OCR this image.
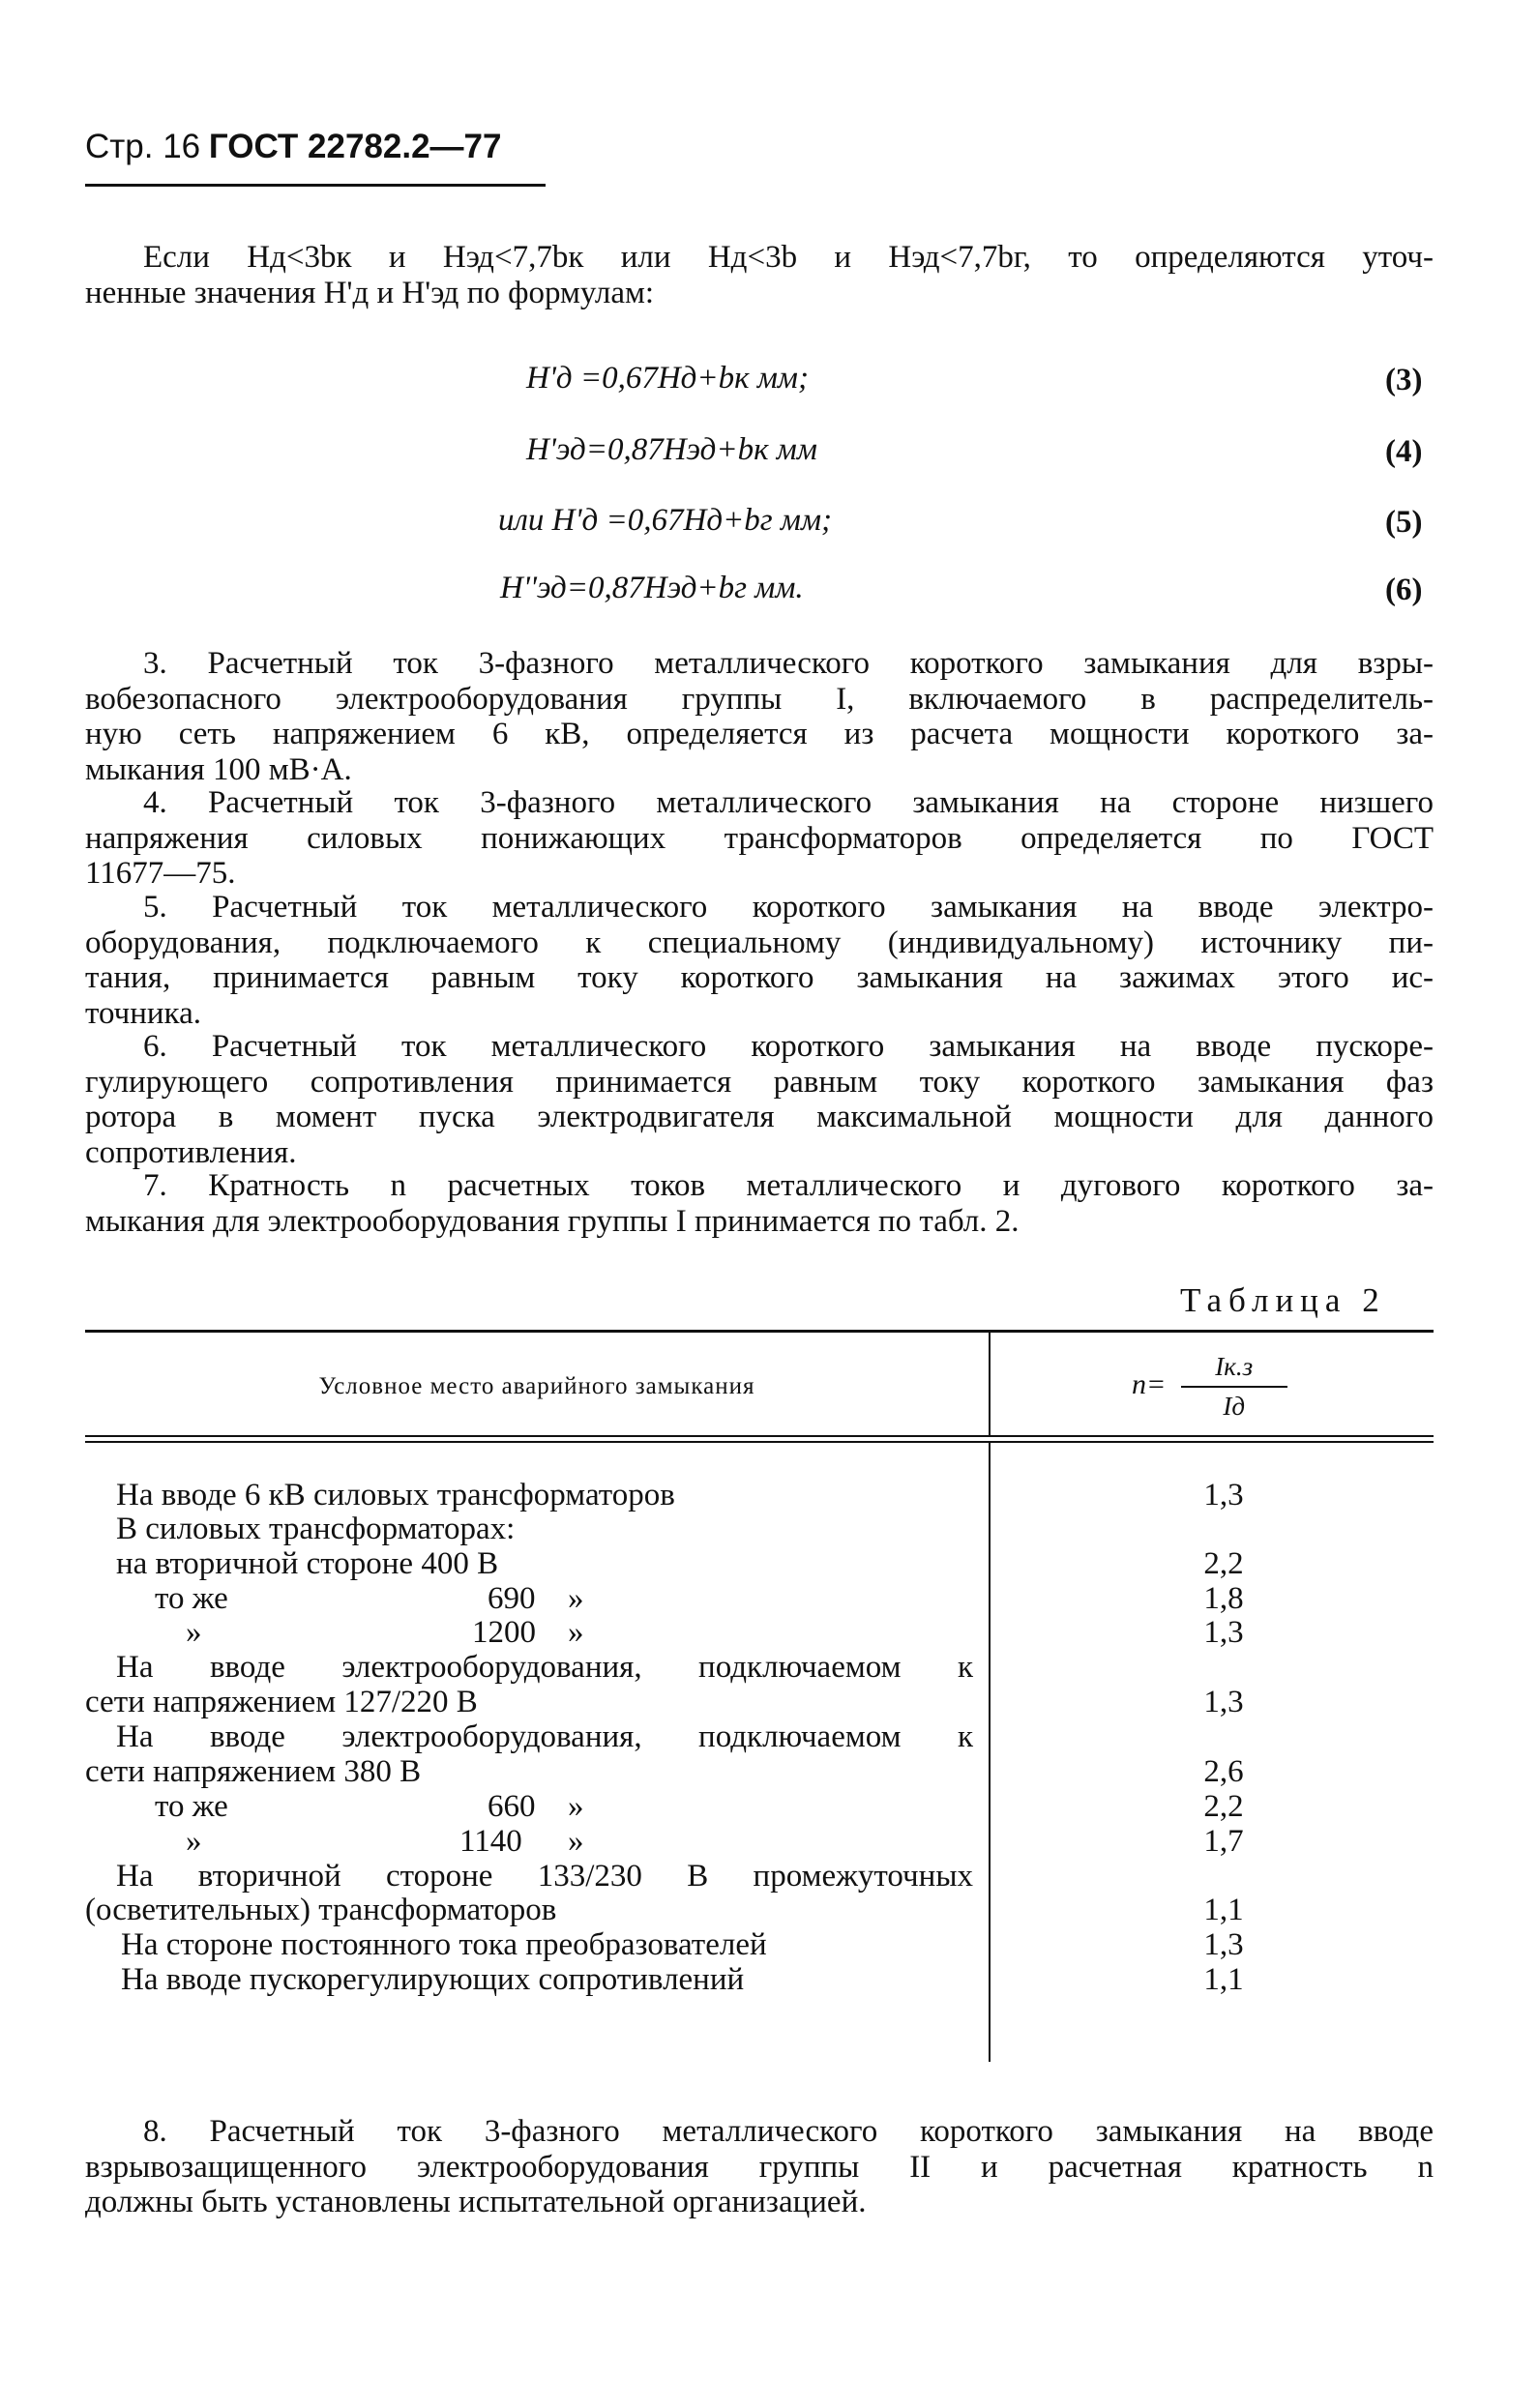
Стр. 16 ГОСТ 22782.2—77
Если Hд<3bк и Hэд<7,7bк или Hд<3b и Hэд<7,7bг, то определяются уточ-
ненные значения H'д и H'эд по формулам:
H'д =0,67Hд+bк мм;	(3)
H'эд=0,87Hэд+bк мм	(4)
или H'д =0,67Hд+bг мм;	(5)
H''эд=0,87Hэд+bг мм.	(6)
3. Расчетный ток 3-фазного металлического короткого замыкания для взры-
вобезопасного электрооборудования группы I, включаемого в распределитель-
ную сеть напряжением 6 кВ, определяется из расчета мощности короткого за-
мыкания 100 мВ·А.
4. Расчетный ток 3-фазного металлического замыкания на стороне низшего
напряжения силовых понижающих трансформаторов определяется по ГОСТ
11677—75.
5. Расчетный ток металлического короткого замыкания на вводе электро-
оборудования, подключаемого к специальному (индивидуальному) источнику пи-
тания, принимается равным току короткого замыкания на зажимах этого ис-
точника.
6. Расчетный ток металлического короткого замыкания на вводе пускоре-
гулирующего сопротивления принимается равным току короткого замыкания фаз
ротора в момент пуска электродвигателя максимальной мощности для данного
сопротивления.
7. Кратность n расчетных токов металлического и дугового короткого за-
мыкания для электрооборудования группы I принимается по табл. 2.
Таблица 2
Условное место аварийного замыкания	$n= \frac{Iк.з}{Iд}$
На вводе 6 кВ силовых трансформаторов	1,3
В силовых трансформаторах:
на вторичной стороне 400 В	2,2
то же	690 »	1,8
»	1200 »	1,3
На вводе электрооборудования, подключаемом к
сети напряжением 127/220 В	1,3
На вводе электрооборудования, подключаемом к
сети напряжением 380 В	2,6
то же	660 »	2,2
»	1140 »	1,7
На вторичной стороне 133/230 В промежуточных
(осветительных) трансформаторов	1,1
На стороне постоянного тока преобразователей	1,3
На вводе пускорегулирующих сопротивлений	1,1
8. Расчетный ток 3-фазного металлического короткого замыкания на вводе
взрывозащищенного электрооборудования группы II и расчетная кратность n
должны быть установлены испытательной организацией.
